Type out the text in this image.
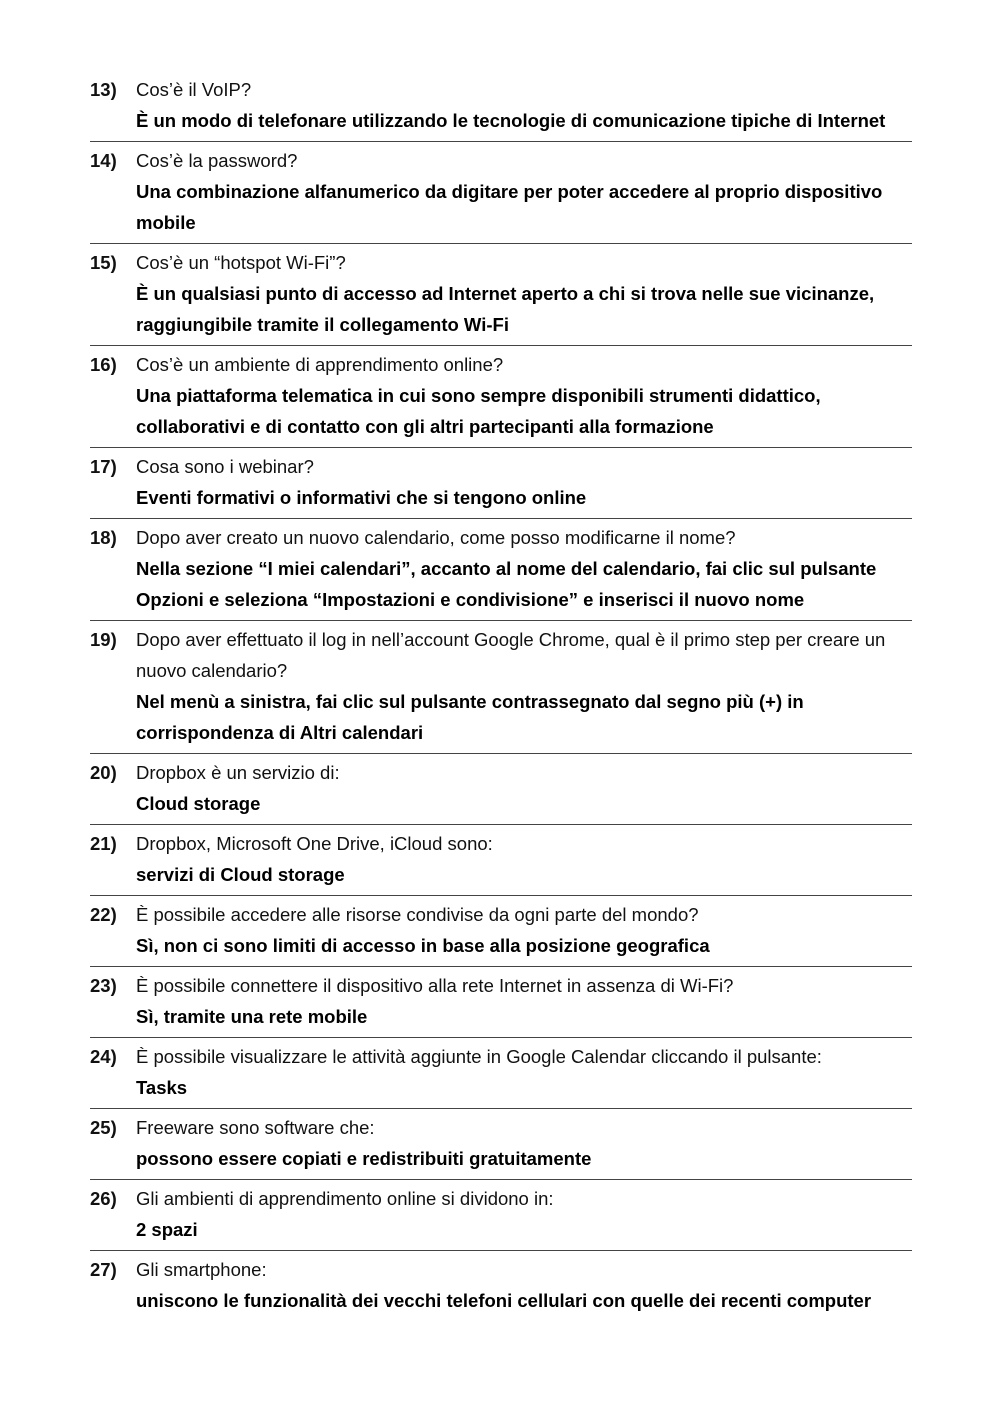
13)	Cos’è il VoIP?
È un modo di telefonare utilizzando le tecnologie di comunicazione tipiche di Internet
14)	Cos’è la password?
Una combinazione alfanumerico da digitare per poter accedere al proprio dispositivo mobile
15)	Cos’è un “hotspot Wi-Fi”?
È un qualsiasi punto di accesso ad Internet aperto a chi si trova nelle sue vicinanze, raggiungibile tramite il collegamento Wi-Fi
16)	Cos’è un ambiente di apprendimento online?
Una piattaforma telematica in cui sono sempre disponibili strumenti didattico, collaborativi e di contatto con gli altri partecipanti alla formazione
17)	Cosa sono i webinar?
Eventi formativi o informativi che si tengono online
18)	Dopo aver creato un nuovo calendario, come posso modificarne il nome?
Nella sezione “I miei calendari”, accanto al nome del calendario, fai clic sul pulsante Opzioni e seleziona “Impostazioni e condivisione” e inserisci il nuovo nome
19)	Dopo aver effettuato il log in nell’account Google Chrome, qual è il primo step per creare un nuovo calendario?
Nel menù a sinistra, fai clic sul pulsante contrassegnato dal segno più (+) in corrispondenza di Altri calendari
20)	Dropbox è un servizio di:
Cloud storage
21)	Dropbox, Microsoft One Drive, iCloud sono:
servizi di Cloud storage
22)	È possibile accedere alle risorse condivise da ogni parte del mondo?
Sì, non ci sono limiti di accesso in base alla posizione geografica
23)	È possibile connettere il dispositivo alla rete Internet in assenza di Wi-Fi?
Sì, tramite una rete mobile
24)	È possibile visualizzare le attività aggiunte in Google Calendar cliccando il pulsante:
Tasks
25)	Freeware sono software che:
possono essere copiati e redistribuiti gratuitamente
26)	Gli ambienti di apprendimento online si dividono in:
2 spazi
27)	Gli smartphone:
uniscono le funzionalità dei vecchi telefoni cellulari con quelle dei recenti computer
